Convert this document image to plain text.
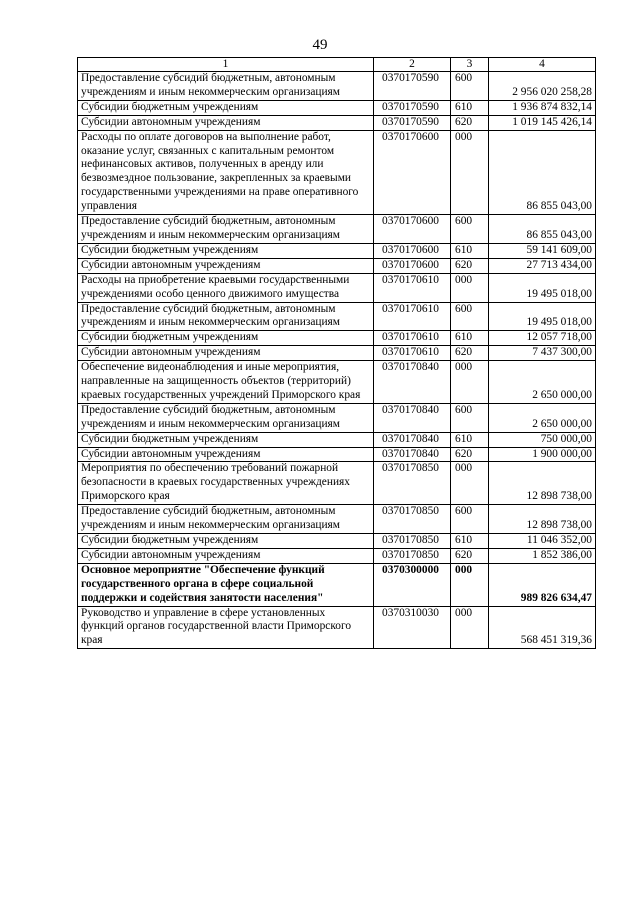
49
1	2	3	4
Предоставление субсидий бюджетным, автономным учреждениям и иным некоммерческим организациям	0370170590	600	2 956 020 258,28
Субсидии бюджетным учреждениям	0370170590	610	1 936 874 832,14
Субсидии автономным учреждениям	0370170590	620	1 019 145 426,14
Расходы по оплате договоров на выполнение работ, оказание услуг, связанных с капитальным ремонтом нефинансовых активов, полученных в аренду или безвозмездное пользование, закрепленных за краевыми государственными учреждениями на праве оперативного управления	0370170600	000	86 855 043,00
Предоставление субсидий бюджетным, автономным учреждениям и иным некоммерческим организациям	0370170600	600	86 855 043,00
Субсидии бюджетным учреждениям	0370170600	610	59 141 609,00
Субсидии автономным учреждениям	0370170600	620	27 713 434,00
Расходы на приобретение краевыми государственными учреждениями особо ценного движимого имущества	0370170610	000	19 495 018,00
Предоставление субсидий бюджетным, автономным учреждениям и иным некоммерческим организациям	0370170610	600	19 495 018,00
Субсидии бюджетным учреждениям	0370170610	610	12 057 718,00
Субсидии автономным учреждениям	0370170610	620	7 437 300,00
Обеспечение видеонаблюдения и иные мероприятия, направленные на защищенность объектов (территорий) краевых государственных учреждений Приморского края	0370170840	000	2 650 000,00
Предоставление субсидий бюджетным, автономным учреждениям и иным некоммерческим организациям	0370170840	600	2 650 000,00
Субсидии бюджетным учреждениям	0370170840	610	750 000,00
Субсидии автономным учреждениям	0370170840	620	1 900 000,00
Мероприятия по обеспечению требований пожарной безопасности в краевых государственных учреждениях Приморского края	0370170850	000	12 898 738,00
Предоставление субсидий бюджетным, автономным учреждениям и иным некоммерческим организациям	0370170850	600	12 898 738,00
Субсидии бюджетным учреждениям	0370170850	610	11 046 352,00
Субсидии автономным учреждениям	0370170850	620	1 852 386,00
Основное мероприятие "Обеспечение функций государственного органа в сфере социальной поддержки и содействия занятости населения"	0370300000	000	989 826 634,47
Руководство и управление в сфере установленных функций органов государственной власти Приморского края	0370310030	000	568 451 319,36
